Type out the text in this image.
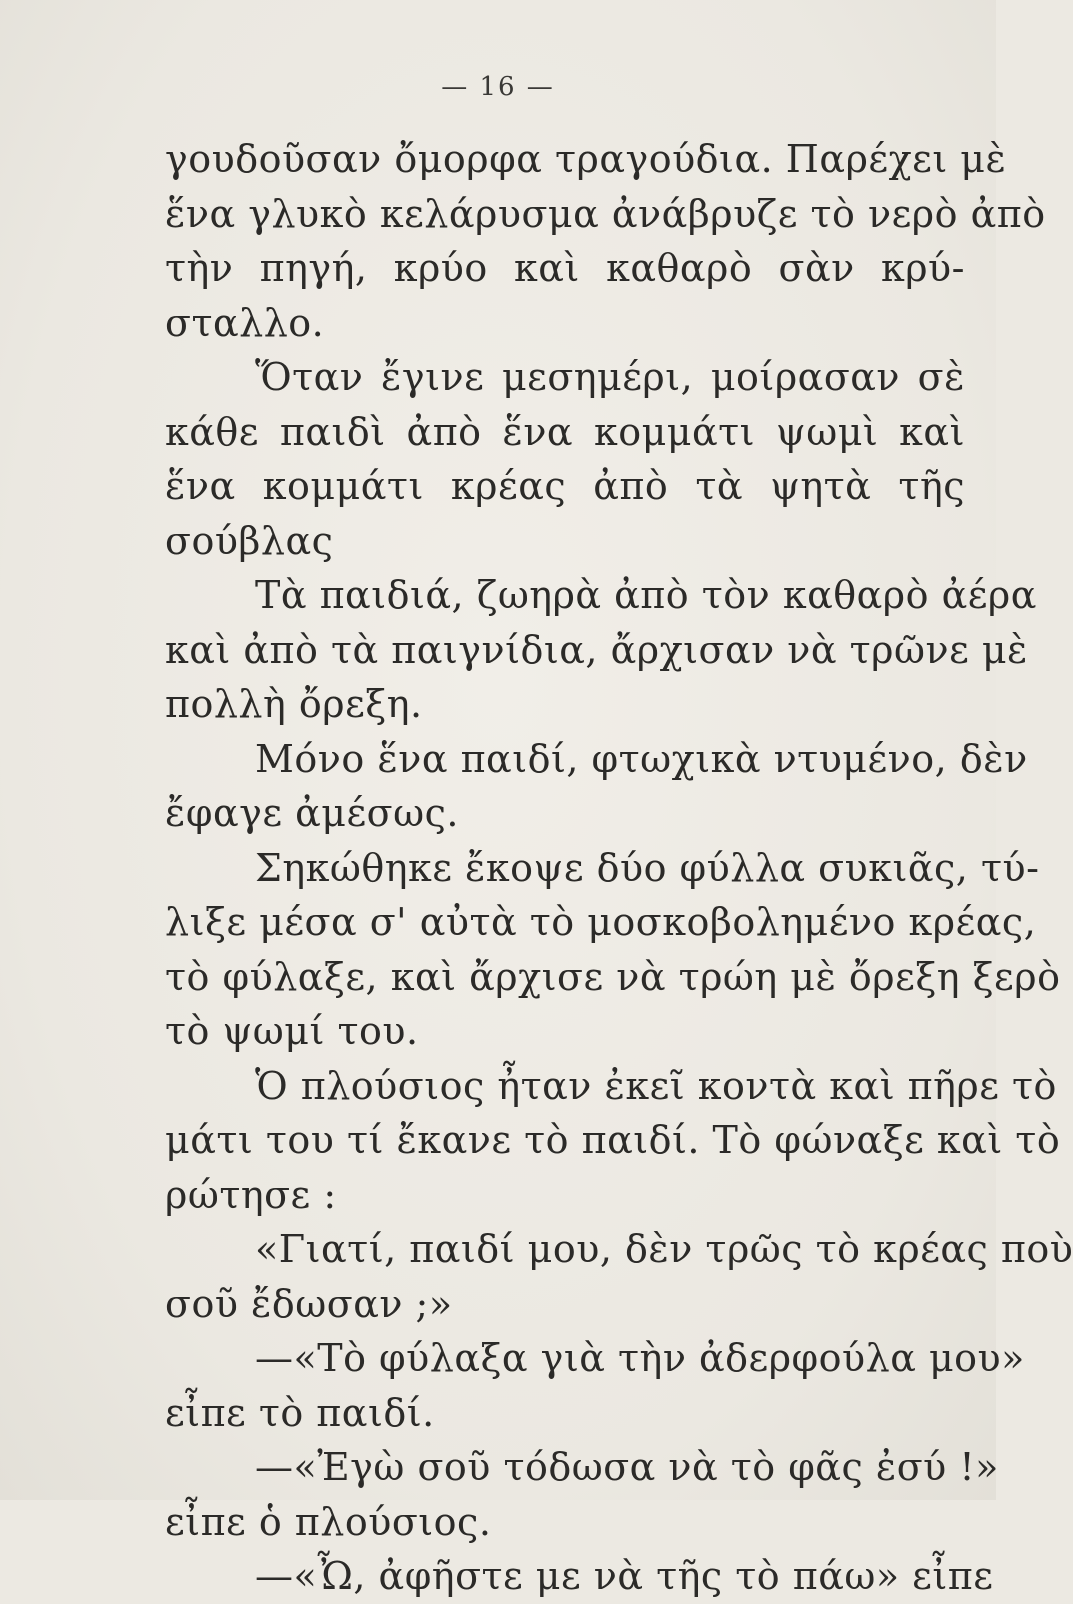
— 16 —
γουδοῦσαν ὄμορφα τραγούδια. Παρέχει μὲ
ἕνα γλυκὸ κελάρυσμα ἀνάβρυζε τὸ νερὸ ἀπὸ
τὴν πηγή, κρύο καὶ καθαρὸ σὰν κρύ-
σταλλο.
Ὅταν ἔγινε μεσημέρι, μοίρασαν σὲ
κάθε παιδὶ ἀπὸ ἕνα κομμάτι ψωμὶ καὶ
ἕνα κομμάτι κρέας ἀπὸ τὰ ψητὰ τῆς
σούβλας
Τὰ παιδιά, ζωηρὰ ἀπὸ τὸν καθαρὸ ἀέρα
καὶ ἀπὸ τὰ παιγνίδια, ἄρχισαν νὰ τρῶνε μὲ
πολλὴ ὄρεξη.
Μόνο ἕνα παιδί, φτωχικὰ ντυμένο, δὲν
ἔφαγε ἀμέσως.
Σηκώθηκε ἔκοψε δύο φύλλα συκιᾶς, τύ-
λιξε μέσα σ' αὐτὰ τὸ μοσκοβολημένο κρέας,
τὸ φύλαξε, καὶ ἄρχισε νὰ τρώη μὲ ὄρεξη ξερὸ
τὸ ψωμί του.
Ὁ πλούσιος ἦταν ἐκεῖ κοντὰ καὶ πῆρε τὸ
μάτι του τί ἔκανε τὸ παιδί. Τὸ φώναξε καὶ τὸ
ρώτησε :
«Γιατί, παιδί μου, δὲν τρῶς τὸ κρέας ποὺ
σοῦ ἔδωσαν ;»
—«Τὸ φύλαξα γιὰ τὴν ἀδερφούλα μου»
εἶπε τὸ παιδί.
—«Ἐγὼ σοῦ τόδωσα νὰ τὸ φᾶς ἐσύ !»
εἶπε ὁ πλούσιος.
—«Ὦ, ἀφῆστε με νὰ τῆς τὸ πάω» εἶπε
